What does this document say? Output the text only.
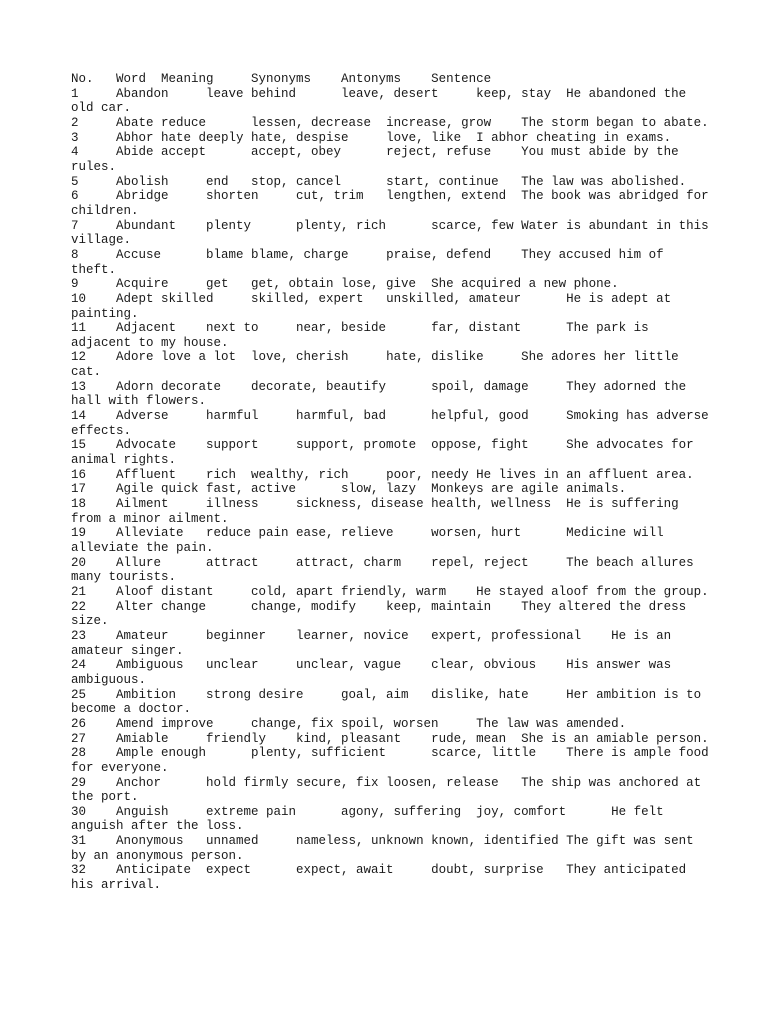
No.	Word	Meaning	Synonyms	Antonyms	Sentence
1	Abandon	leave behind	leave, desert	keep, stay	He abandoned the old car.
2	Abate	reduce	lessen, decrease	increase, grow	The storm began to abate.
3	Abhor	hate deeply	hate, despise	love, like	I abhor cheating in exams.
4	Abide	accept	accept, obey	reject, refuse	You must abide by the rules.
5	Abolish	end	stop, cancel	start, continue	The law was abolished.
6	Abridge	shorten	cut, trim	lengthen, extend	The book was abridged for children.
7	Abundant	plenty	plenty, rich	scarce, few	Water is abundant in this village.
8	Accuse	blame	blame, charge	praise, defend	They accused him of theft.
9	Acquire	get	get, obtain	lose, give	She acquired a new phone.
10	Adept	skilled	skilled, expert	unskilled, amateur	He is adept at painting.
11	Adjacent	next to	near, beside	far, distant	The park is adjacent to my house.
12	Adore	love a lot	love, cherish	hate, dislike	She adores her little cat.
13	Adorn	decorate	decorate, beautify	spoil, damage	They adorned the hall with flowers.
14	Adverse	harmful	harmful, bad	helpful, good	Smoking has adverse effects.
15	Advocate	support	support, promote	oppose, fight	She advocates for animal rights.
16	Affluent	rich	wealthy, rich	poor, needy	He lives in an affluent area.
17	Agile	quick	fast, active	slow, lazy	Monkeys are agile animals.
18	Ailment	illness	sickness, disease	health, wellness	He is suffering from a minor ailment.
19	Alleviate	reduce pain	ease, relieve	worsen, hurt	Medicine will alleviate the pain.
20	Allure	attract	attract, charm	repel, reject	The beach allures many tourists.
21	Aloof	distant	cold, apart	friendly, warm	He stayed aloof from the group.
22	Alter	change	change, modify	keep, maintain	They altered the dress size.
23	Amateur	beginner	learner, novice	expert, professional	He is an amateur singer.
24	Ambiguous	unclear	unclear, vague	clear, obvious	His answer was ambiguous.
25	Ambition	strong desire	goal, aim	dislike, hate	Her ambition is to become a doctor.
26	Amend	improve	change, fix	spoil, worsen	The law was amended.
27	Amiable	friendly	kind, pleasant	rude, mean	She is an amiable person.
28	Ample	enough	plenty, sufficient	scarce, little	There is ample food for everyone.
29	Anchor	hold firmly	secure, fix	loosen, release	The ship was anchored at the port.
30	Anguish	extreme pain	agony, suffering	joy, comfort	He felt anguish after the loss.
31	Anonymous	unnamed	nameless, unknown	known, identified	The gift was sent by an anonymous person.
32	Anticipate	expect	expect, await	doubt, surprise	They anticipated his arrival.
